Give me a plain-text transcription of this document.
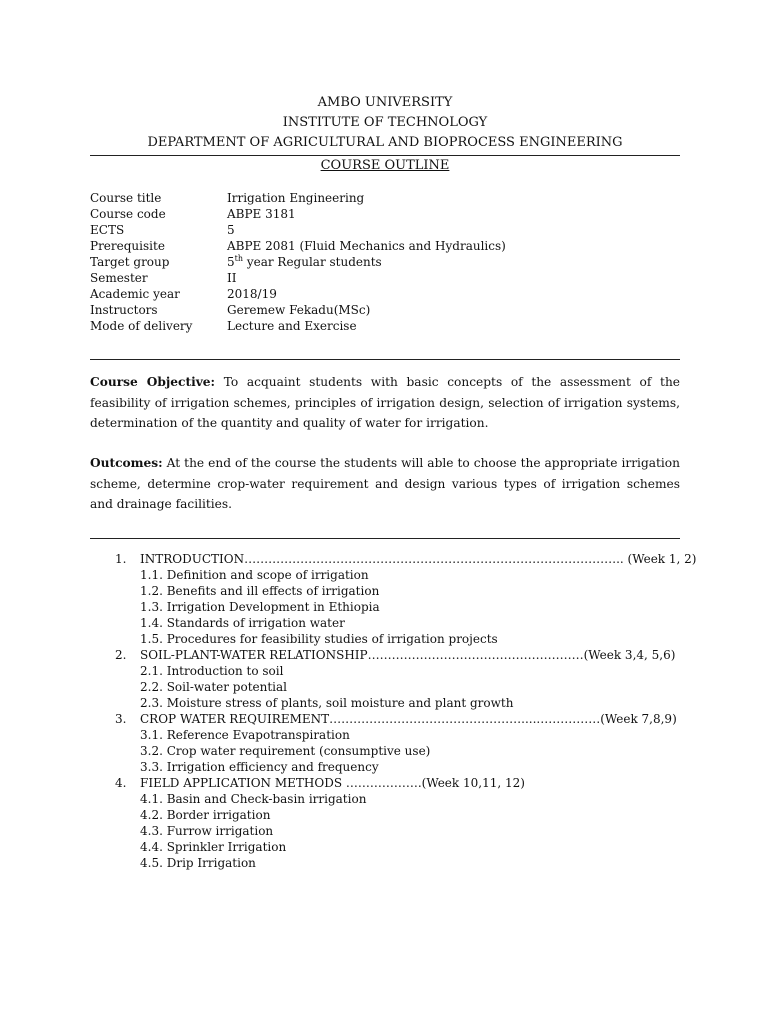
AMBO UNIVERSITY
INSTITUTE OF TECHNOLOGY
DEPARTMENT OF AGRICULTURAL AND BIOPROCESS ENGINEERING
COURSE OUTLINE
Course title	Irrigation Engineering
Course code	ABPE 3181
ECTS	5
Prerequisite	ABPE 2081 (Fluid Mechanics and Hydraulics)
Target group	5th year Regular students
Semester	II
Academic year	2018/19
Instructors	Geremew Fekadu(MSc)
Mode of delivery	Lecture and Exercise
Course Objective: To acquaint students with basic concepts of the assessment of the feasibility of irrigation schemes, principles of irrigation design, selection of irrigation systems, determination of the quantity and quality of water for irrigation.
Outcomes: At the end of the course the students will able to choose the appropriate irrigation scheme, determine crop-water requirement and design various types of irrigation schemes and drainage facilities.
1. INTRODUCTION………………………………………………………………………………….. (Week 1, 2)
1.1. Definition and scope of irrigation
1.2. Benefits and ill effects of irrigation
1.3. Irrigation Development in Ethiopia
1.4. Standards of irrigation water
1.5. Procedures for feasibility studies of irrigation projects
2. SOIL-PLANT-WATER RELATIONSHIP………………………………………………(Week 3,4, 5,6)
2.1. Introduction to soil
2.2. Soil-water potential
2.3. Moisture stress of plants, soil moisture and plant growth
3. CROP WATER REQUIREMENT………………………………………….....……………(Week 7,8,9)
3.1. Reference Evapotranspiration
3.2. Crop water requirement (consumptive use)
3.3. Irrigation efficiency and frequency
4. FIELD APPLICATION METHODS ……………….(Week 10,11, 12)
4.1. Basin and Check-basin irrigation
4.2. Border irrigation
4.3. Furrow irrigation
4.4. Sprinkler Irrigation
4.5. Drip Irrigation
